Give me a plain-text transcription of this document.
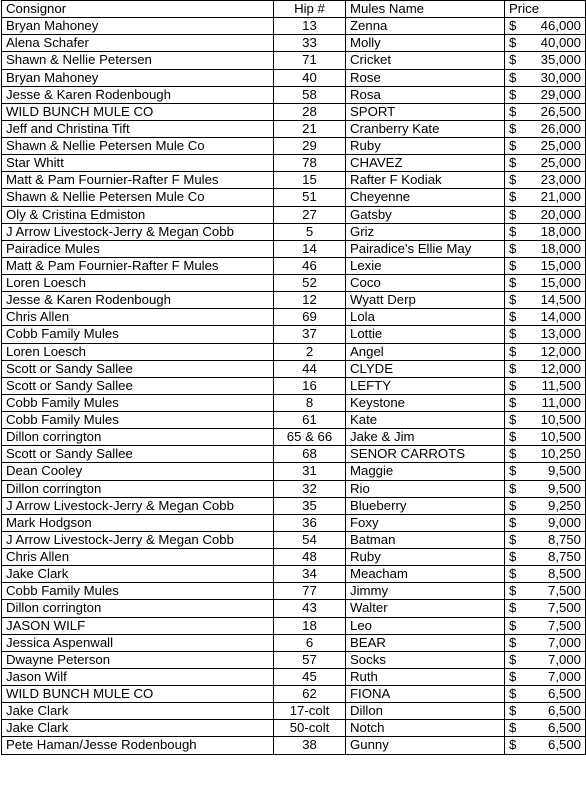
Consignor	Hip #	Mules Name	Price
Bryan Mahoney	13	Zenna	$ 46,000

Alena Schafer	33	Molly	$ 40,000

Shawn & Nellie Petersen	71	Cricket	$ 35,000

Bryan Mahoney	40	Rose	$ 30,000

Jesse & Karen Rodenbough	58	Rosa	$ 29,000

WILD BUNCH MULE CO	28	SPORT	$ 26,500

Jeff and Christina Tift	21	Cranberry Kate	$ 26,000

Shawn & Nellie Petersen Mule Co	29	Ruby	$ 25,000

Star Whitt	78	CHAVEZ	$ 25,000

Matt & Pam Fournier-Rafter F Mules	15	Rafter F Kodiak	$ 23,000

Shawn & Nellie Petersen Mule Co	51	Cheyenne	$ 21,000

Oly & Cristina Edmiston	27	Gatsby	$ 20,000

J Arrow Livestock-Jerry & Megan Cobb	5	Griz	$ 18,000

Pairadice Mules	14	Pairadice's Ellie May	$ 18,000

Matt & Pam Fournier-Rafter F Mules	46	Lexie	$ 15,000

Loren Loesch	52	Coco	$ 15,000

Jesse & Karen Rodenbough	12	Wyatt Derp	$ 14,500

Chris Allen	69	Lola	$ 14,000

Cobb Family Mules	37	Lottie	$ 13,000

Loren Loesch	2	Angel	$ 12,000

Scott or Sandy Sallee	44	CLYDE	$ 12,000

Scott or Sandy Sallee	16	LEFTY	$ 11,500

Cobb Family Mules	8	Keystone	$ 11,000

Cobb Family Mules	61	Kate	$ 10,500

Dillon corrington	65 & 66	Jake & Jim	$ 10,500

Scott or Sandy Sallee	68	SENOR CARROTS	$ 10,250

Dean Cooley	31	Maggie	$ 9,500

Dillon corrington	32	Rio	$ 9,500

J Arrow Livestock-Jerry & Megan Cobb	35	Blueberry	$ 9,250

Mark Hodgson	36	Foxy	$ 9,000

J Arrow Livestock-Jerry & Megan Cobb	54	Batman	$ 8,750

Chris Allen	48	Ruby	$ 8,750

Jake Clark	34	Meacham	$ 8,500

Cobb Family Mules	77	Jimmy	$ 7,500

Dillon corrington	43	Walter	$ 7,500

JASON WILF	18	Leo	$ 7,500

Jessica Aspenwall	6	BEAR	$ 7,000

Dwayne Peterson	57	Socks	$ 7,000

Jason Wilf	45	Ruth	$ 7,000

WILD BUNCH MULE CO	62	FIONA	$ 6,500

Jake Clark	17-colt	Dillon	$ 6,500

Jake Clark	50-colt	Notch	$ 6,500

Pete Haman/Jesse Rodenbough	38	Gunny	$ 6,500
